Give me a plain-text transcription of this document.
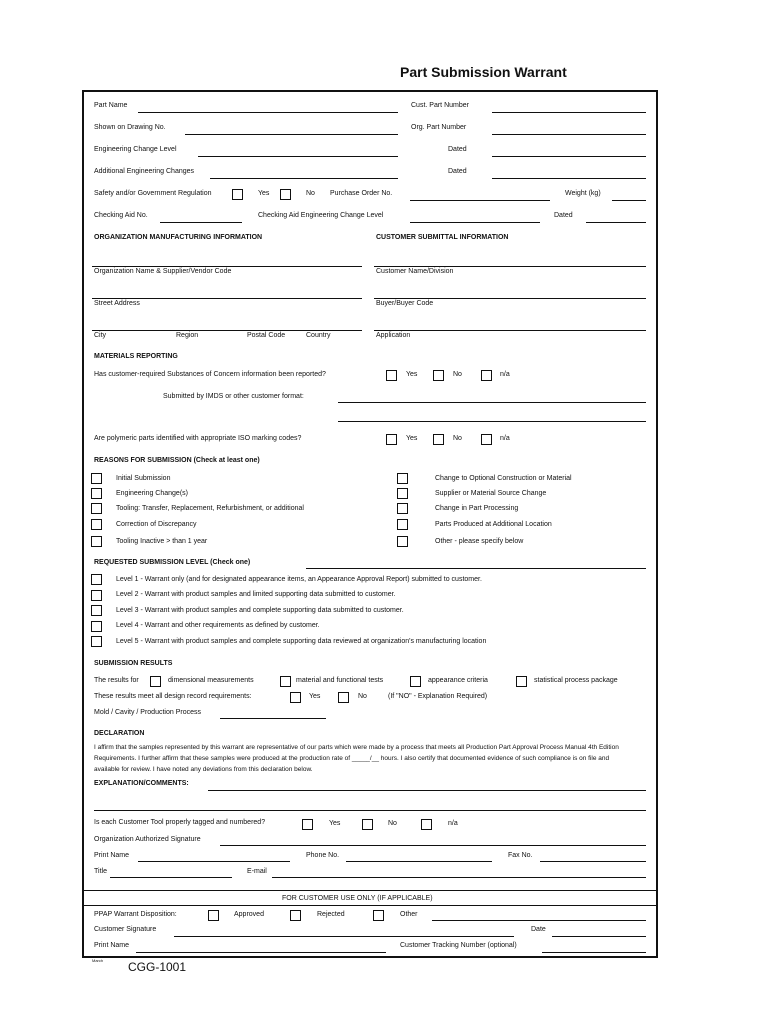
Part Submission Warrant
Part Name	Cust. Part Number
Shown on Drawing No.	Org. Part Number
Engineering Change Level	Dated
Additional Engineering Changes	Dated
Safety and/or Government Regulation	Yes	No Purchase Order No.	Weight (kg)
Checking Aid No.	Checking Aid Engineering Change Level	Dated
ORGANIZATION MANUFACTURING INFORMATION	CUSTOMER SUBMITTAL INFORMATION
Organization Name & Supplier/Vendor Code	Customer Name/Division
Street Address	Buyer/Buyer Code
City	Region	Postal Code	Country	Application
MATERIALS REPORTING
Has customer-required Substances of Concern information been reported?	Yes	No	n/a
Submitted by IMDS or other customer format:
Are polymeric parts identified with appropriate ISO marking codes?	Yes	No	n/a
REASONS FOR SUBMISSION (Check at least one)
Initial Submission
Engineering Change(s)
Tooling: Transfer, Replacement, Refurbishment, or additional
Correction of Discrepancy
Tooling Inactive > than 1 year
Change to Optional Construction or Material
Supplier or Material Source Change
Change in Part Processing
Parts Produced at Additional Location
Other - please specify below
REQUESTED SUBMISSION LEVEL (Check one)
Level 1 - Warrant only (and for designated appearance items, an Appearance Approval Report) submitted to customer.
Level 2 - Warrant with product samples and limited supporting data submitted to customer.
Level 3 - Warrant with product samples and complete supporting data submitted to customer.
Level 4 - Warrant and other requirements as defined by customer.
Level 5 - Warrant with product samples and complete supporting data reviewed at organization's manufacturing location
SUBMISSION RESULTS
The results for	dimensional measurements	material and functional tests	appearance criteria	statistical process package
These results meet all design record requirements:	Yes	No	(If "NO" - Explanation Required)
Mold / Cavity / Production Process
DECLARATION
I affirm that the samples represented by this warrant are representative of our parts which were made by a process that meets all Production Part Approval Process Manual 4th Edition Requirements. I further affirm that these samples were produced at the production rate of _____/__ hours. I also certify that documented evidence of such compliance is on file and available for review. I have noted any deviations from this declaration below.
EXPLANATION/COMMENTS:
Is each Customer Tool properly tagged and numbered?	Yes	No	n/a
Organization Authorized Signature
Print Name	Phone No.	Fax No.
Title	E-mail
FOR CUSTOMER USE ONLY (IF APPLICABLE)
PPAP Warrant Disposition:	Approved	Rejected	Other
Customer Signature	Date
Print Name	Customer Tracking Number (optional)
March CGG-1001
